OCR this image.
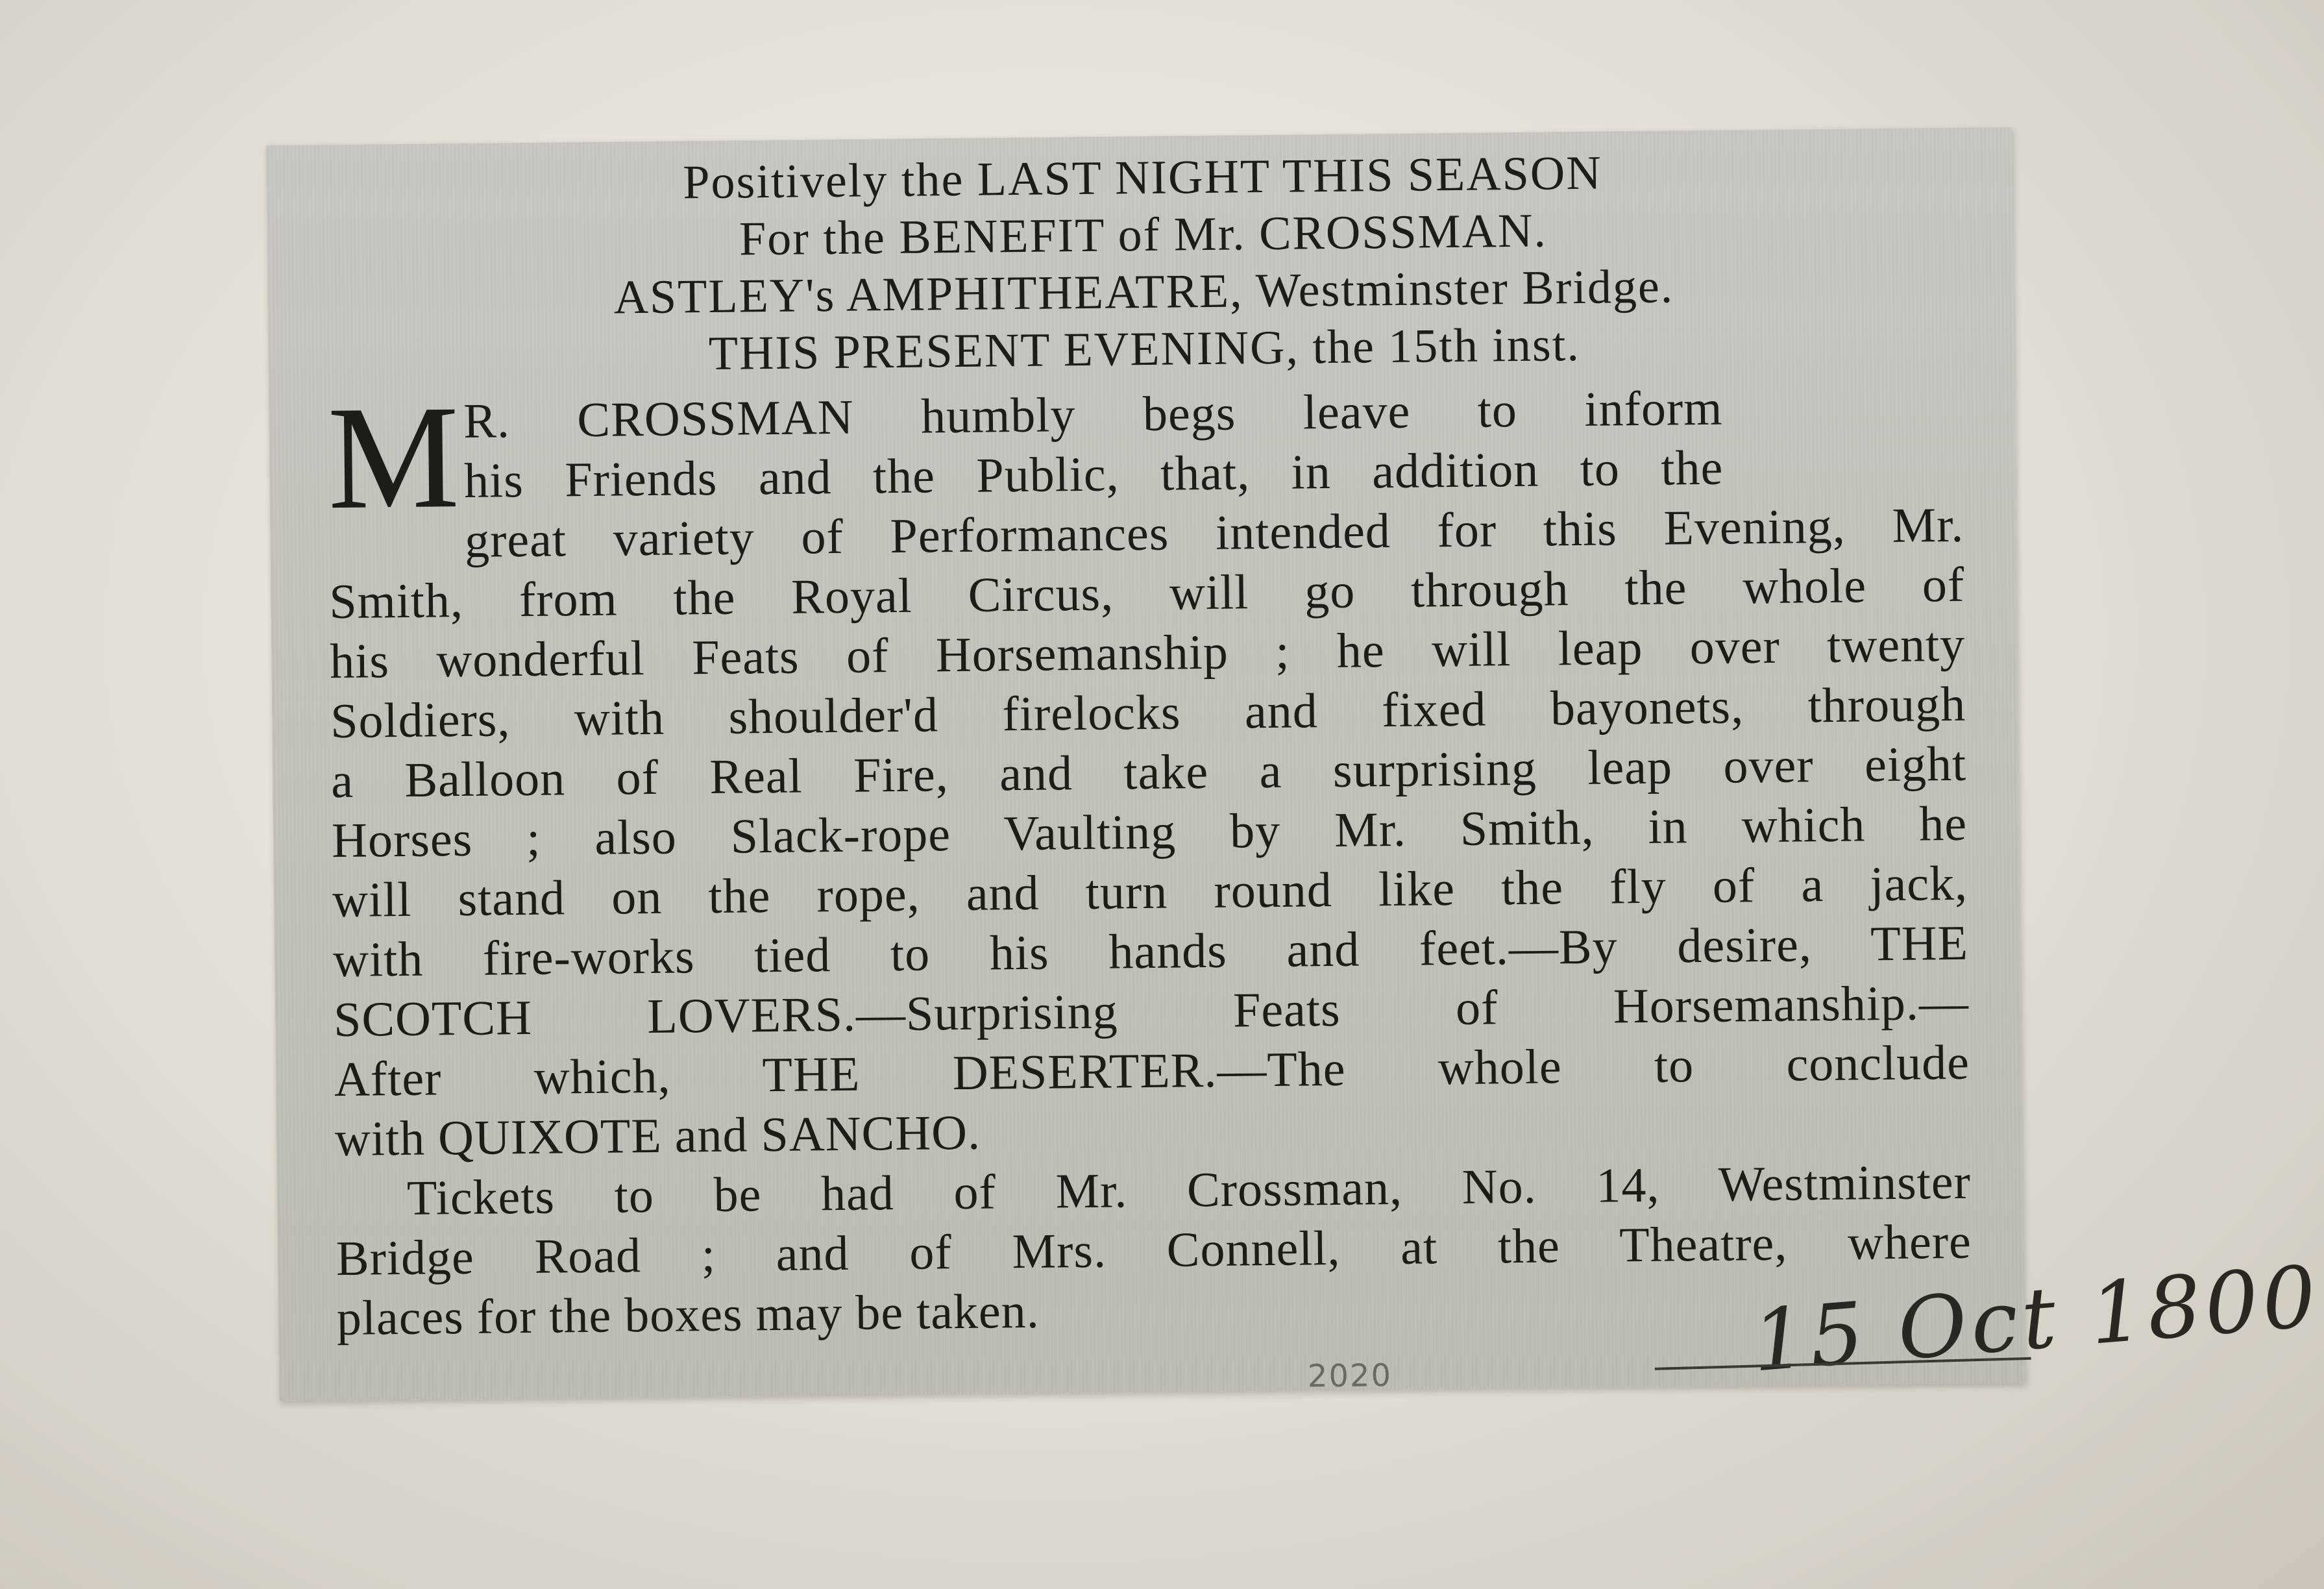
Positively the LAST NIGHT THIS SEASON
For the BENEFIT of Mr. CROSSMAN.
ASTLEY's AMPHITHEATRE, Westminster Bridge.
THIS PRESENT EVENING, the 15th inst.
M R. CROSSMAN humbly begs leave to inform
his Friends and the Public, that, in addition to the
great variety of Performances intended for this Evening, Mr.
Smith, from the Royal Circus, will go through the whole of
his wonderful Feats of Horsemanship ; he will leap over twenty
Soldiers, with shoulder'd firelocks and fixed bayonets, through
a Balloon of Real Fire, and take a surprising leap over eight
Horses ; also Slack-rope Vaulting by Mr. Smith, in which he
will stand on the rope, and turn round like the fly of a jack,
with fire-works tied to his hands and feet.—By desire, THE
SCOTCH LOVERS.—Surprising Feats of Horsemanship.—
After which, THE DESERTER.—The whole to conclude
with QUIXOTE and SANCHO.
Tickets to be had of Mr. Crossman, No. 14, Westminster
Bridge Road ; and of Mrs. Connell, at the Theatre, where
places for the boxes may be taken.	15 Oct 1800
2020
